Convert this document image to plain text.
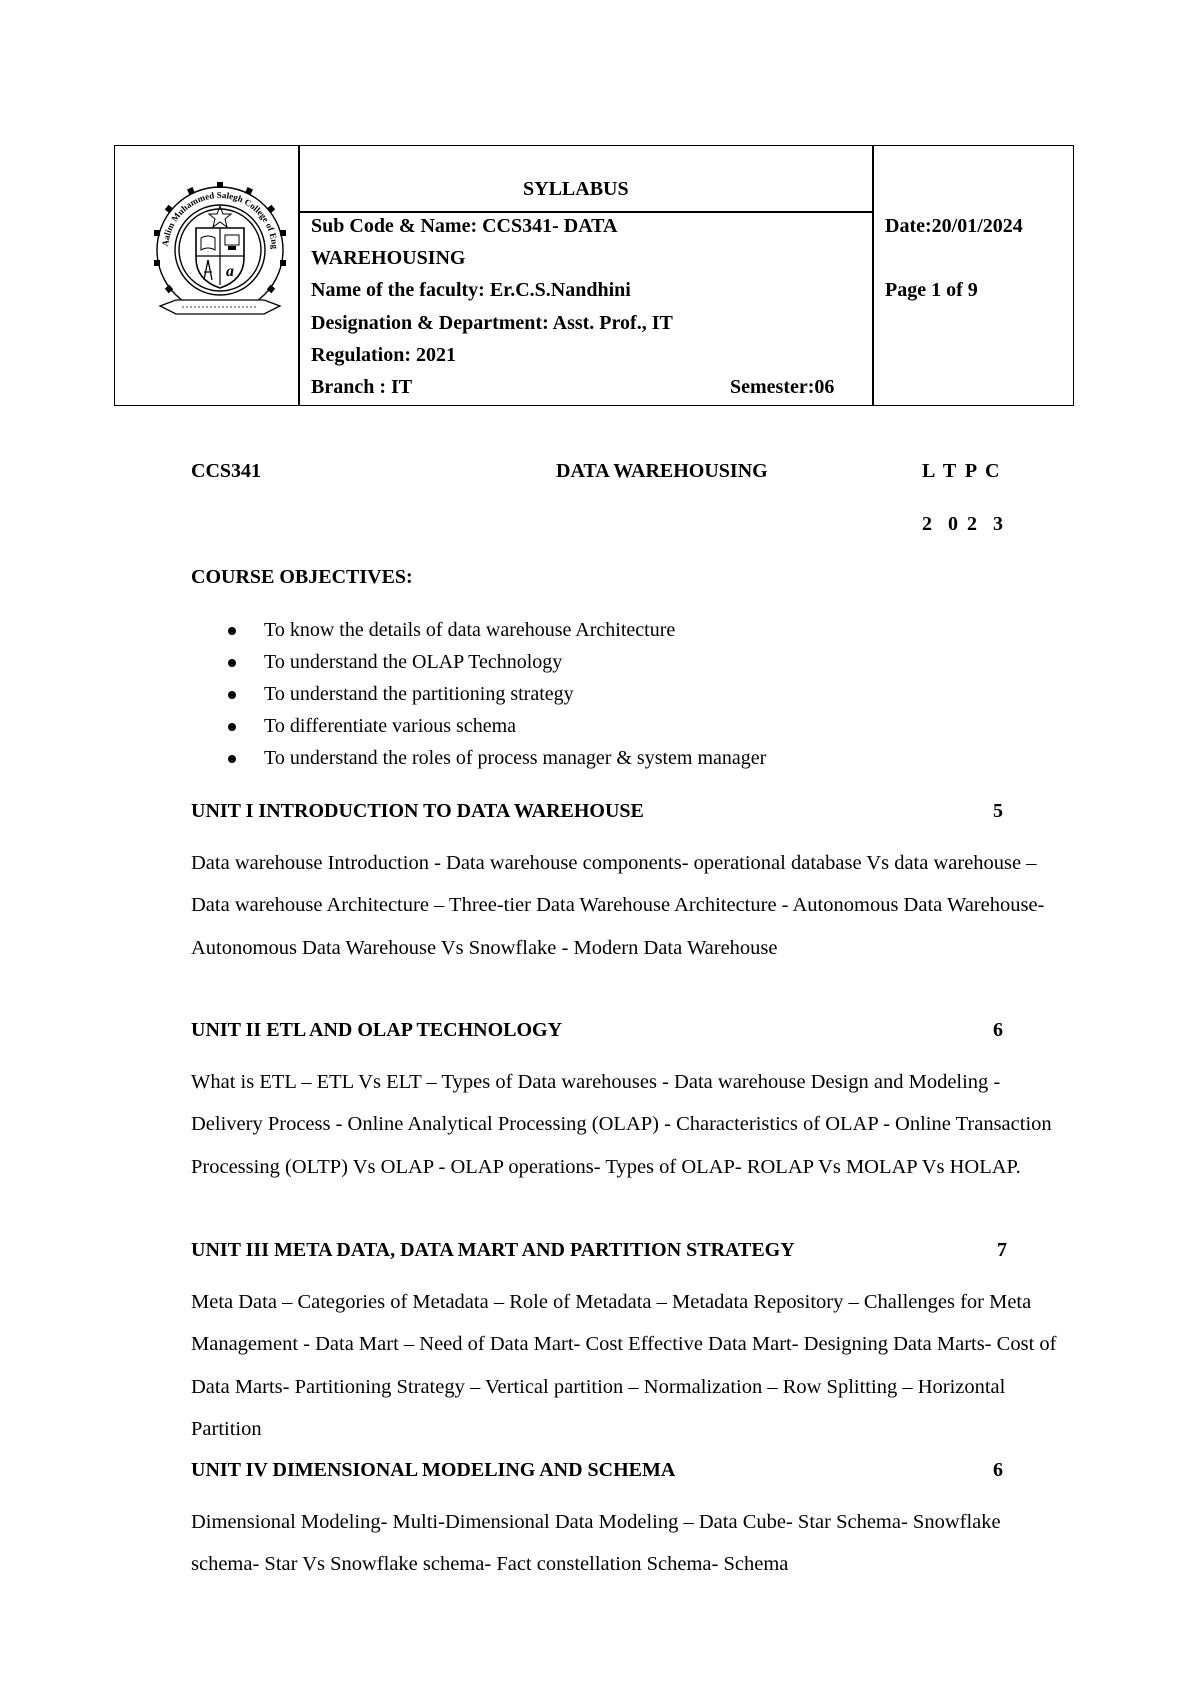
Aalim Muhammed Salegh College of Eng
a
SYLLABUS
Sub Code & Name: CCS341- DATA
WAREHOUSING
Name of the faculty: Er.C.S.Nandhini
Designation & Department: Asst. Prof., IT
Regulation: 2021
Branch : IT	Semester:06
Date:20/01/2024
Page 1 of 9
CCS341	DATA WAREHOUSING	L T P C
2  0 2  3
COURSE OBJECTIVES:
To know the details of data warehouse Architecture
To understand the OLAP Technology
To understand the partitioning strategy
To differentiate various schema
To understand the roles of process manager & system manager
UNIT I INTRODUCTION TO DATA WAREHOUSE	5
Data warehouse Introduction - Data warehouse components- operational database Vs data warehouse – Data warehouse Architecture – Three-tier Data Warehouse Architecture - Autonomous Data Warehouse- Autonomous Data Warehouse Vs Snowflake - Modern Data Warehouse
UNIT II ETL AND OLAP TECHNOLOGY	6
What is ETL – ETL Vs ELT – Types of Data warehouses - Data warehouse Design and Modeling -Delivery Process - Online Analytical Processing (OLAP) - Characteristics of OLAP - Online Transaction Processing (OLTP) Vs OLAP - OLAP operations- Types of OLAP- ROLAP Vs MOLAP Vs HOLAP.
UNIT III META DATA, DATA MART AND PARTITION STRATEGY	7
Meta Data – Categories of Metadata – Role of Metadata – Metadata Repository – Challenges for Meta Management - Data Mart – Need of Data Mart- Cost Effective Data Mart- Designing Data Marts- Cost of Data Marts- Partitioning Strategy – Vertical partition – Normalization – Row Splitting – Horizontal Partition
UNIT IV DIMENSIONAL MODELING AND SCHEMA	6
Dimensional Modeling- Multi-Dimensional Data Modeling – Data Cube- Star Schema- Snowflake schema- Star Vs Snowflake schema- Fact constellation Schema- Schema
